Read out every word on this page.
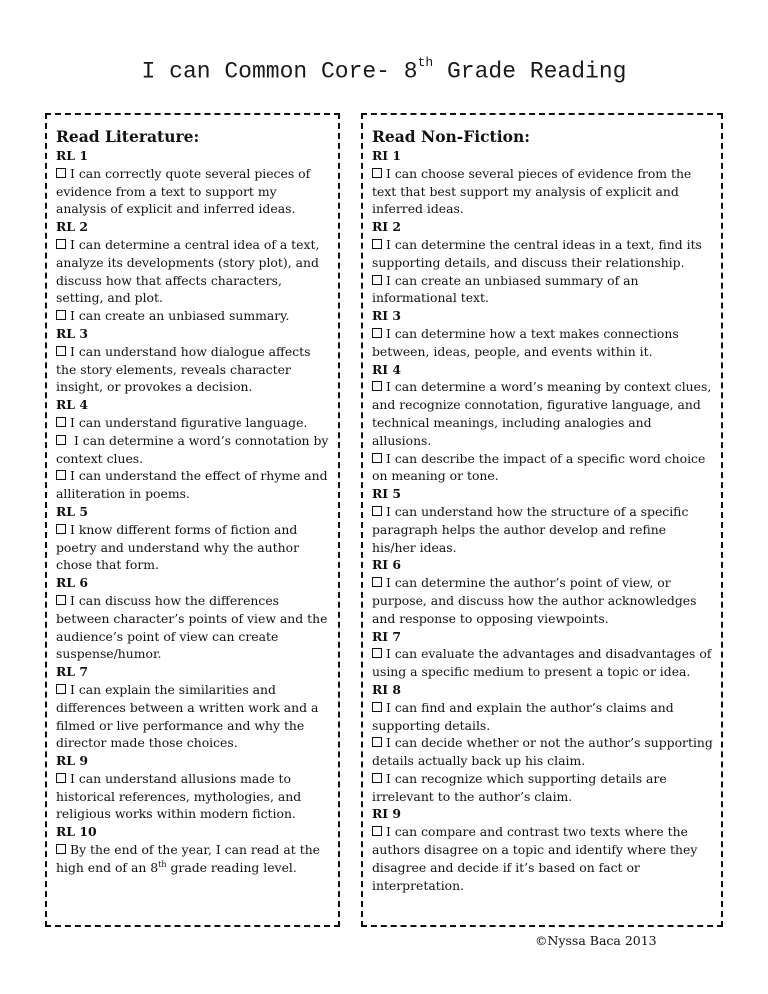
I can Common Core- 8th Grade Reading
Read Literature:
RL 1
I can correctly quote several pieces of evidence from a text to support my analysis of explicit and inferred ideas.
RL 2
I can determine a central idea of a text, analyze its developments (story plot), and discuss how that affects characters, setting, and plot.
I can create an unbiased summary.
RL 3
I can understand how dialogue affects the story elements, reveals character insight, or provokes a decision.
RL 4
I can understand figurative language.
I can determine a word’s connotation by context clues.
I can understand the effect of rhyme and alliteration in poems.
RL 5
I know different forms of fiction and poetry and understand why the author chose that form.
RL 6
I can discuss how the differences between character’s points of view and the audience’s point of view can create suspense/humor.
RL 7
I can explain the similarities and differences between a written work and a filmed or live performance and why the director made those choices.
RL 9
I can understand allusions made to historical references, mythologies, and religious works within modern fiction.
RL 10
By the end of the year, I can read at the high end of an 8th grade reading level.
Read Non-Fiction:
RI 1
I can choose several pieces of evidence from the text that best support my analysis of explicit and inferred ideas.
RI 2
I can determine the central ideas in a text, find its supporting details, and discuss their relationship.
I can create an unbiased summary of an informational text.
RI 3
I can determine how a text makes connections between, ideas, people, and events within it.
RI 4
I can determine a word’s meaning by context clues, and recognize connotation, figurative language, and technical meanings, including analogies and allusions.
I can describe the impact of a specific word choice on meaning or tone.
RI 5
I can understand how the structure of a specific paragraph helps the author develop and refine his/her ideas.
RI 6
I can determine the author’s point of view, or purpose, and discuss how the author acknowledges and response to opposing viewpoints.
RI 7
I can evaluate the advantages and disadvantages of using a specific medium to present a topic or idea.
RI 8
I can find and explain the author’s claims and supporting details.
I can decide whether or not the author’s supporting details actually back up his claim.
I can recognize which supporting details are irrelevant to the author’s claim.
RI 9
I can compare and contrast two texts where the authors disagree on a topic and identify where they disagree and decide if it’s based on fact or interpretation.
©Nyssa Baca 2013
